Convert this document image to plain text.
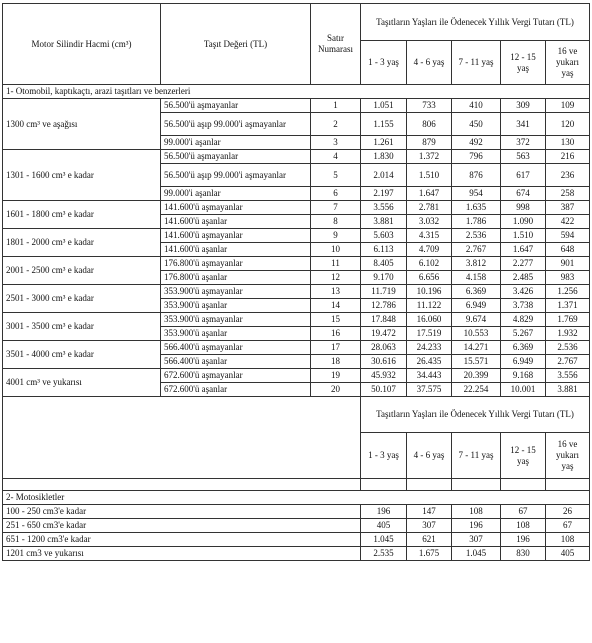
Motor Silindir Hacmi (cm³)	Taşıt Değeri (TL)	Satır Numarası	Taşıtların Yaşları ile Ödenecek Yıllık Vergi Tutarı (TL)				
			1 - 3 yaş	4 - 6 yaş	7 - 11 yaş	12 - 15 yaş	16 ve yukarı yaş
1- Otomobil, kaptıkaçtı, arazi taşıtları ve benzerleri							
1300 cm³ ve aşağısı	56.500'ü aşmayanlar	1	1.051	733	410	309	109
	56.500'ü aşıp 99.000'i aşmayanlar	2	1.155	806	450	341	120
	99.000'i aşanlar	3	1.261	879	492	372	130
1301 - 1600 cm³ e kadar	56.500'ü aşmayanlar	4	1.830	1.372	796	563	216
	56.500'ü aşıp 99.000'i aşmayanlar	5	2.014	1.510	876	617	236
	99.000'i aşanlar	6	2.197	1.647	954	674	258
1601 - 1800 cm³ e kadar	141.600'ü aşmayanlar	7	3.556	2.781	1.635	998	387
	141.600'ü aşanlar	8	3.881	3.032	1.786	1.090	422
1801 - 2000 cm³ e kadar	141.600'ü aşmayanlar	9	5.603	4.315	2.536	1.510	594
	141.600'ü aşanlar	10	6.113	4.709	2.767	1.647	648
2001 - 2500 cm³ e kadar	176.800'ü aşmayanlar	11	8.405	6.102	3.812	2.277	901
	176.800'ü aşanlar	12	9.170	6.656	4.158	2.485	983
2501 - 3000 cm³ e kadar	353.900'ü aşmayanlar	13	11.719	10.196	6.369	3.426	1.256
	353.900'ü aşanlar	14	12.786	11.122	6.949	3.738	1.371
3001 - 3500 cm³ e kadar	353.900'ü aşmayanlar	15	17.848	16.060	9.674	4.829	1.769
	353.900'ü aşanlar	16	19.472	17.519	10.553	5.267	1.932
3501 - 4000 cm³ e kadar	566.400'ü aşmayanlar	17	28.063	24.233	14.271	6.369	2.536
	566.400'ü aşanlar	18	30.616	26.435	15.571	6.949	2.767
4001 cm³ ve yukarısı	672.600'ü aşmayanlar	19	45.932	34.443	20.399	9.168	3.556
	672.600'ü aşanlar	20	50.107	37.575	22.254	10.001	3.881
			Taşıtların Yaşları ile Ödenecek Yıllık Vergi Tutarı (TL)				
			1 - 3 yaş	4 - 6 yaş	7 - 11 yaş	12 - 15 yaş	16 ve yukarı yaş

2- Motosikletler							
100 - 250 cm3'e kadar			196	147	108	67	26
251 - 650 cm3'e kadar			405	307	196	108	67
651 - 1200 cm3'e kadar			1.045	621	307	196	108
1201 cm3 ve yukarısı			2.535	1.675	1.045	830	405
